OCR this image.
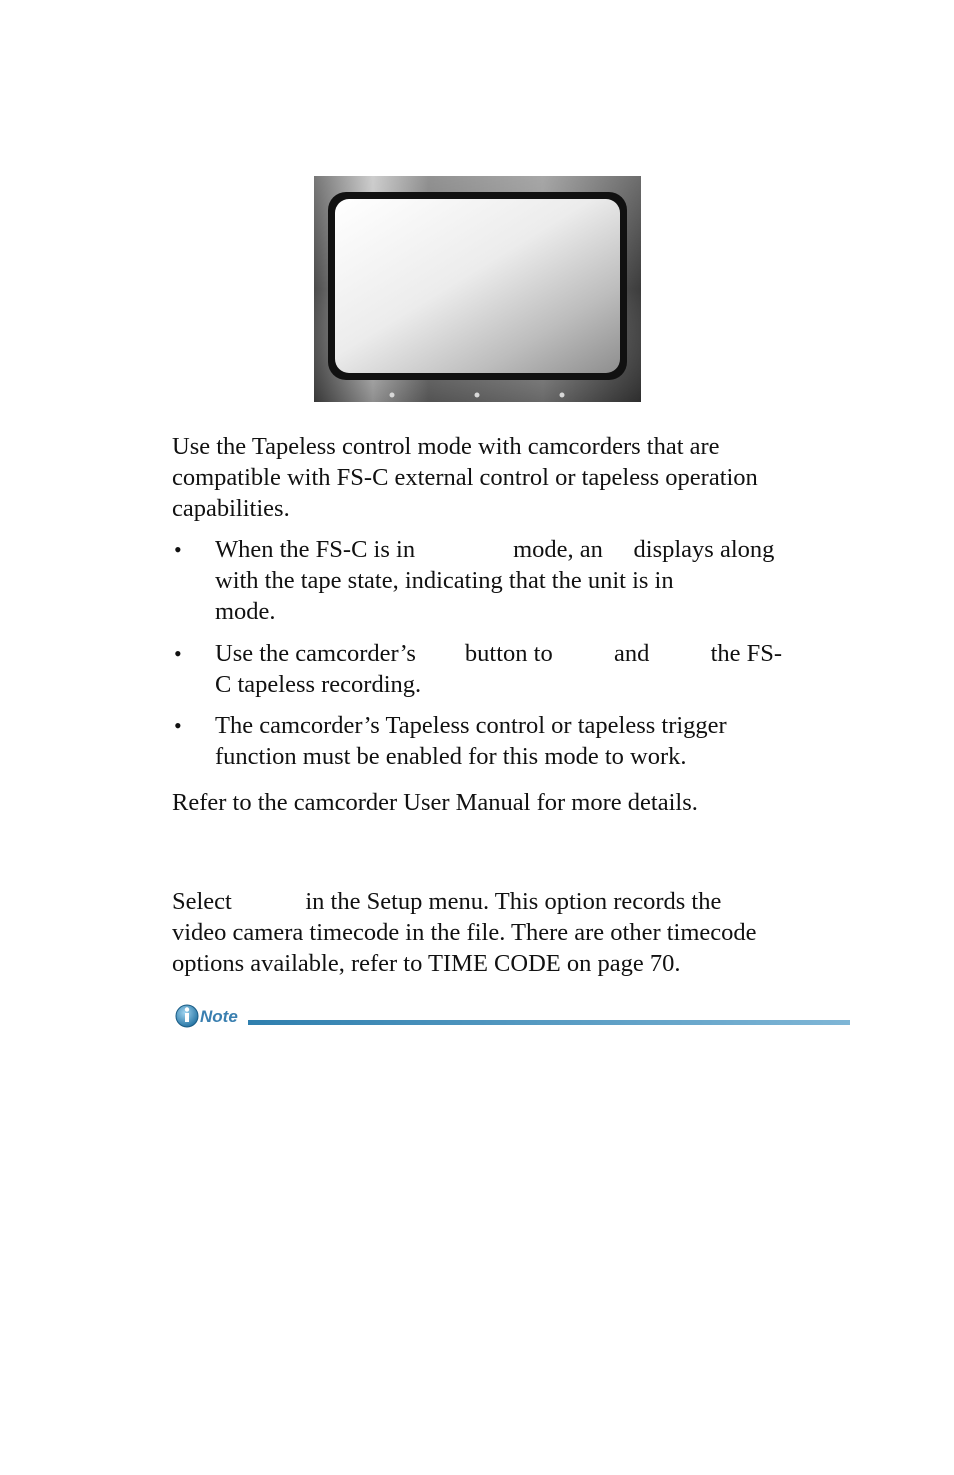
Use the Tapeless control mode with camcorders that are
compatible with FS-C external control or tapeless operation
capabilities.

• When the FS-C is in                mode, an     displays along
with the tape state, indicating that the unit is in
mode.
• Use the camcorder’s        button to          and          the FS-
C tapeless recording.
• The camcorder’s Tapeless control or tapeless trigger
function must be enabled for this mode to work.

Refer to the camcorder User Manual for more details.

Select            in the Setup menu. This option records the
video camera timecode in the file. There are other timecode
options available, refer to TIME CODE on page 70.

Note
